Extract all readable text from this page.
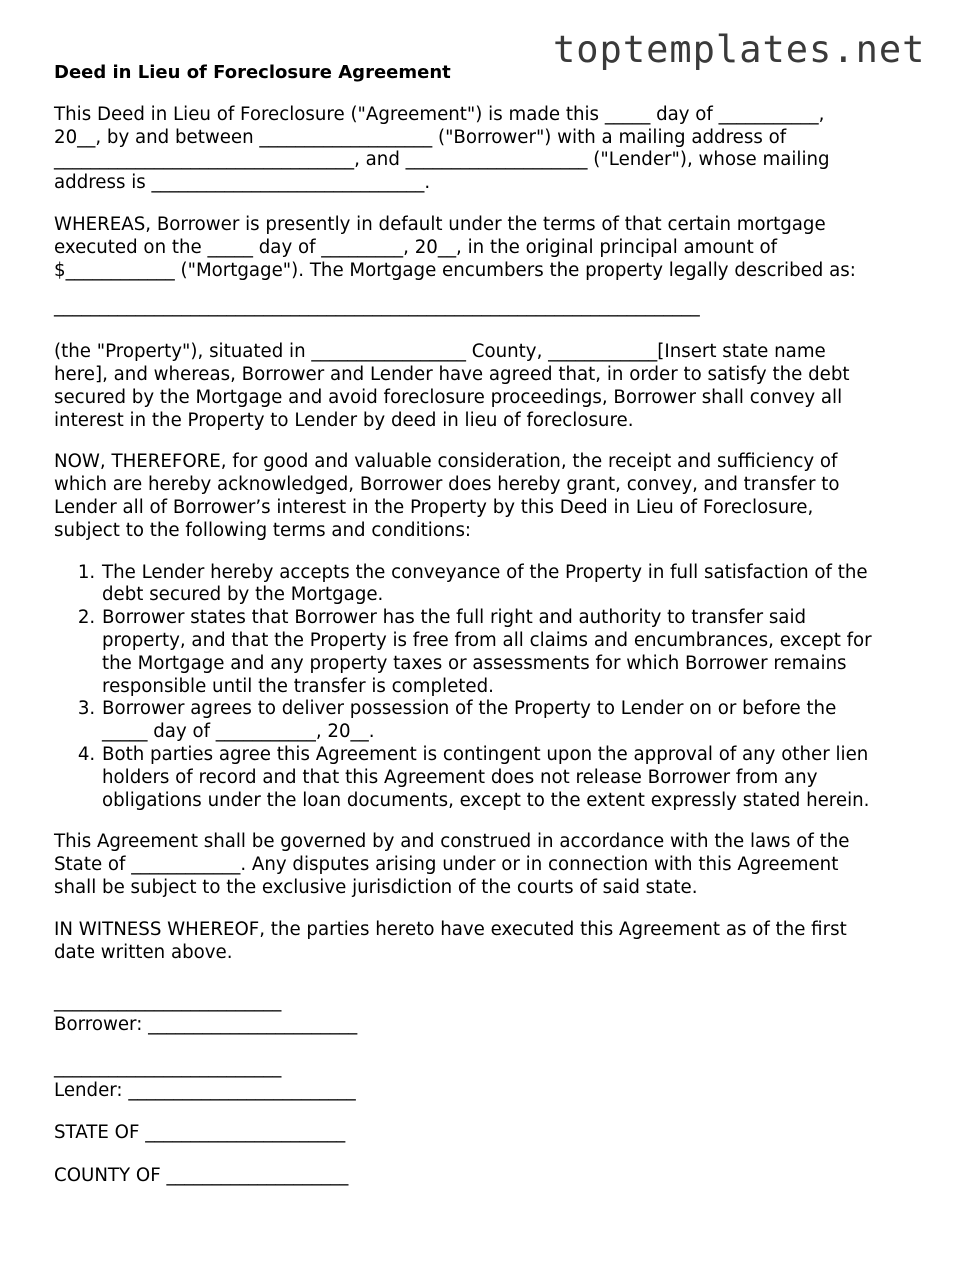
toptemplates.net
Deed in Lieu of Foreclosure Agreement

This Deed in Lieu of Foreclosure ("Agreement") is made this _____ day of ___________,
20__, by and between ___________________ ("Borrower") with a mailing address of
_________________________________, and ____________________ ("Lender"), whose mailing
address is ______________________________.

WHEREAS, Borrower is presently in default under the terms of that certain mortgage
executed on the _____ day of _________, 20__, in the original principal amount of
$____________ ("Mortgage"). The Mortgage encumbers the property legally described as:

_______________________________________________________________________

(the "Property"), situated in _________________ County, ____________[Insert state name
here], and whereas, Borrower and Lender have agreed that, in order to satisfy the debt
secured by the Mortgage and avoid foreclosure proceedings, Borrower shall convey all
interest in the Property to Lender by deed in lieu of foreclosure.

NOW, THEREFORE, for good and valuable consideration, the receipt and sufficiency of
which are hereby acknowledged, Borrower does hereby grant, convey, and transfer to
Lender all of Borrower’s interest in the Property by this Deed in Lieu of Foreclosure,
subject to the following terms and conditions:

1. The Lender hereby accepts the conveyance of the Property in full satisfaction of the
debt secured by the Mortgage.
2. Borrower states that Borrower has the full right and authority to transfer said
property, and that the Property is free from all claims and encumbrances, except for
the Mortgage and any property taxes or assessments for which Borrower remains
responsible until the transfer is completed.
3. Borrower agrees to deliver possession of the Property to Lender on or before the
_____ day of ___________, 20__.
4. Both parties agree this Agreement is contingent upon the approval of any other lien
holders of record and that this Agreement does not release Borrower from any
obligations under the loan documents, except to the extent expressly stated herein.

This Agreement shall be governed by and construed in accordance with the laws of the
State of ____________. Any disputes arising under or in connection with this Agreement
shall be subject to the exclusive jurisdiction of the courts of said state.

IN WITNESS WHEREOF, the parties hereto have executed this Agreement as of the first
date written above.

_________________________
Borrower: _______________________
_________________________
Lender: _________________________
STATE OF ______________________
COUNTY OF ____________________
